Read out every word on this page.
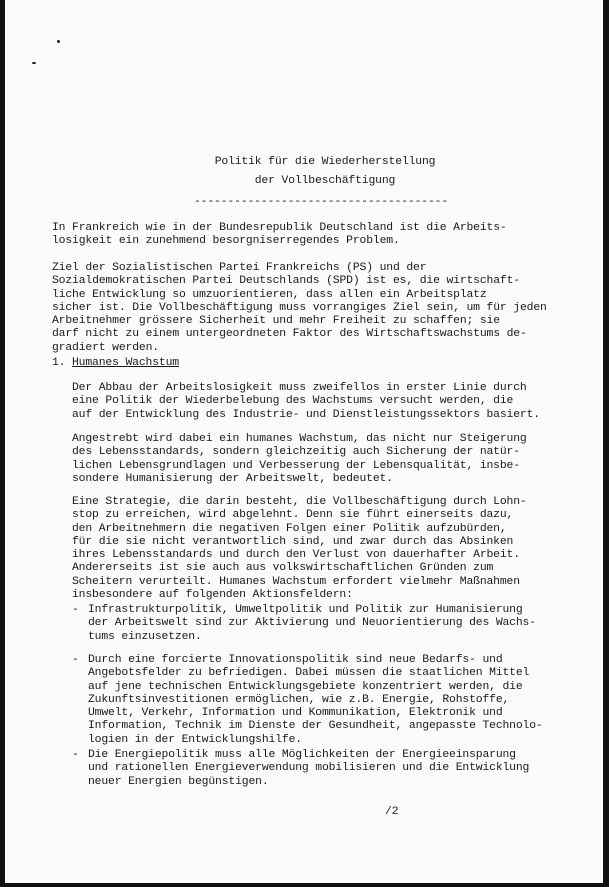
Politik für die Wiederherstellung
der Vollbeschäftigung
--------------------------------------
In Frankreich wie in der Bundesrepublik Deutschland ist die Arbeits-
losigkeit ein zunehmend besorgniserregendes Problem.
Ziel der Sozialistischen Partei Frankreichs (PS) und der
Sozialdemokratischen Partei Deutschlands (SPD) ist es, die wirtschaft-
liche Entwicklung so umzuorientieren, dass allen ein Arbeitsplatz
sicher ist. Die Vollbeschäftigung muss vorrangiges Ziel sein, um für jeden
Arbeitnehmer grössere Sicherheit und mehr Freiheit zu schaffen; sie
darf nicht zu einem untergeordneten Faktor des Wirtschaftswachstums de-
gradiert werden.
1. Humanes Wachstum
Der Abbau der Arbeitslosigkeit muss zweifellos in erster Linie durch
eine Politik der Wiederbelebung des Wachstums versucht werden, die
auf der Entwicklung des Industrie- und Dienstleistungssektors basiert.
Angestrebt wird dabei ein humanes Wachstum, das nicht nur Steigerung
des Lebensstandards, sondern gleichzeitig auch Sicherung der natür-
lichen Lebensgrundlagen und Verbesserung der Lebensqualität, insbe-
sondere Humanisierung der Arbeitswelt, bedeutet.
Eine Strategie, die darin besteht, die Vollbeschäftigung durch Lohn-
stop zu erreichen, wird abgelehnt. Denn sie führt einerseits dazu,
den Arbeitnehmern die negativen Folgen einer Politik aufzubürden,
für die sie nicht verantwortlich sind, und zwar durch das Absinken
ihres Lebensstandards und durch den Verlust von dauerhafter Arbeit.
Andererseits ist sie auch aus volkswirtschaftlichen Gründen zum
Scheitern verurteilt. Humanes Wachstum erfordert vielmehr Maßnahmen
insbesondere auf folgenden Aktionsfeldern:
- Infrastrukturpolitik, Umweltpolitik und Politik zur Humanisierung
der Arbeitswelt sind zur Aktivierung und Neuorientierung des Wachs-
tums einzusetzen.
- Durch eine forcierte Innovationspolitik sind neue Bedarfs- und
Angebotsfelder zu befriedigen. Dabei müssen die staatlichen Mittel
auf jene technischen Entwicklungsgebiete konzentriert werden, die
Zukunftsinvestitionen ermöglichen, wie z.B. Energie, Rohstoffe,
Umwelt, Verkehr, Information und Kommunikation, Elektronik und
Information, Technik im Dienste der Gesundheit, angepasste Technolo-
logien in der Entwicklungshilfe.
- Die Energiepolitik muss alle Möglichkeiten der Energieeinsparung
und rationellen Energieverwendung mobilisieren und die Entwicklung
neuer Energien begünstigen.
/2
